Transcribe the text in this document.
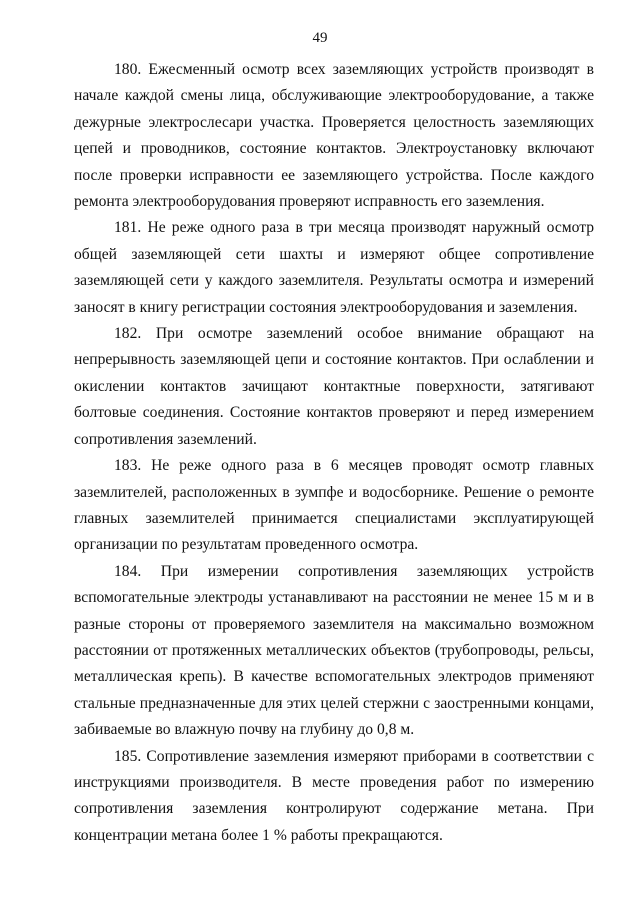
49

180. Ежесменный осмотр всех заземляющих устройств производят в начале каждой смены лица, обслуживающие электрооборудование, а также дежурные электрослесари участка. Проверяется целостность заземляющих цепей и проводников, состояние контактов. Электроустановку включают после проверки исправности ее заземляющего устройства. После каждого ремонта электрооборудования проверяют исправность его заземления.

181. Не реже одного раза в три месяца производят наружный осмотр общей заземляющей сети шахты и измеряют общее сопротивление заземляющей сети у каждого заземлителя. Результаты осмотра и измерений заносят в книгу регистрации состояния электрооборудования и заземления.

182. При осмотре заземлений особое внимание обращают на непрерывность заземляющей цепи и состояние контактов. При ослаблении и окислении контактов зачищают контактные поверхности, затягивают болтовые соединения. Состояние контактов проверяют и перед измерением сопротивления заземлений.

183. Не реже одного раза в 6 месяцев проводят осмотр главных заземлителей, расположенных в зумпфе и водосборнике. Решение о ремонте главных заземлителей принимается специалистами эксплуатирующей организации по результатам проведенного осмотра.

184. При измерении сопротивления заземляющих устройств вспомогательные электроды устанавливают на расстоянии не менее 15 м и в разные стороны от проверяемого заземлителя на максимально возможном расстоянии от протяженных металлических объектов (трубопроводы, рельсы, металлическая крепь). В качестве вспомогательных электродов применяют стальные предназначенные для этих целей стержни с заостренными концами, забиваемые во влажную почву на глубину до 0,8 м.

185. Сопротивление заземления измеряют приборами в соответствии с инструкциями производителя. В месте проведения работ по измерению сопротивления заземления контролируют содержание метана. При концентрации метана более 1 % работы прекращаются.
